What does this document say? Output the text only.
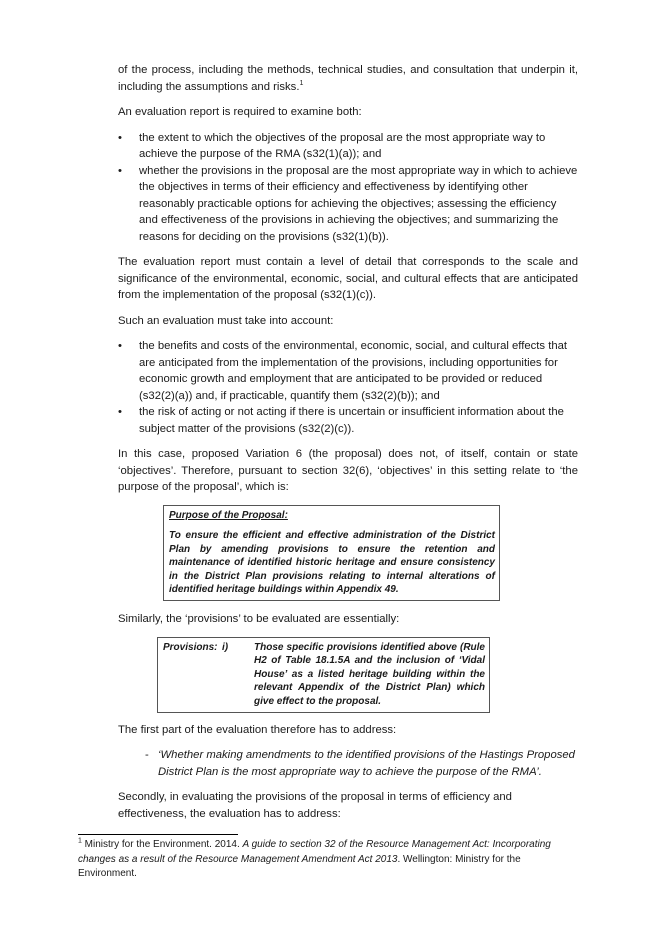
of the process, including the methods, technical studies, and consultation that underpin it, including the assumptions and risks.$^1$

An evaluation report is required to examine both:

• the extent to which the objectives of the proposal are the most appropriate way to achieve the purpose of the RMA (s32(1)(a)); and
• whether the provisions in the proposal are the most appropriate way in which to achieve the objectives in terms of their efficiency and effectiveness by identifying other reasonably practicable options for achieving the objectives; assessing the efficiency and effectiveness of the provisions in achieving the objectives; and summarizing the reasons for deciding on the provisions (s32(1)(b)).

The evaluation report must contain a level of detail that corresponds to the scale and significance of the environmental, economic, social, and cultural effects that are anticipated from the implementation of the proposal (s32(1)(c)).

Such an evaluation must take into account:

• the benefits and costs of the environmental, economic, social, and cultural effects that are anticipated from the implementation of the provisions, including opportunities for economic growth and employment that are anticipated to be provided or reduced (s32(2)(a)) and, if practicable, quantify them (s32(2)(b)); and
• the risk of acting or not acting if there is uncertain or insufficient information about the subject matter of the provisions (s32(2)(c)).

In this case, proposed Variation 6 (the proposal) does not, of itself, contain or state ‘objectives’. Therefore, pursuant to section 32(6), ‘objectives’ in this setting relate to ‘the purpose of the proposal’, which is:

Purpose of the Proposal:
To ensure the efficient and effective administration of the District Plan by amending provisions to ensure the retention and maintenance of identified historic heritage and ensure consistency in the District Plan provisions relating to internal alterations of identified heritage buildings within Appendix 49.

Similarly, the ‘provisions’ to be evaluated are essentially:

Provisions: i)	Those specific provisions identified above (Rule H2 of Table 18.1.5A and the inclusion of ‘Vidal House’ as a listed heritage building within the relevant Appendix of the District Plan) which give effect to the proposal.

The first part of the evaluation therefore has to address:

- ‘Whether making amendments to the identified provisions of the Hastings Proposed District Plan is the most appropriate way to achieve the purpose of the RMA’.

Secondly, in evaluating the provisions of the proposal in terms of efficiency and effectiveness, the evaluation has to address:

$^1$ Ministry for the Environment. 2014. A guide to section 32 of the Resource Management Act: Incorporating changes as a result of the Resource Management Amendment Act 2013. Wellington: Ministry for the Environment.
